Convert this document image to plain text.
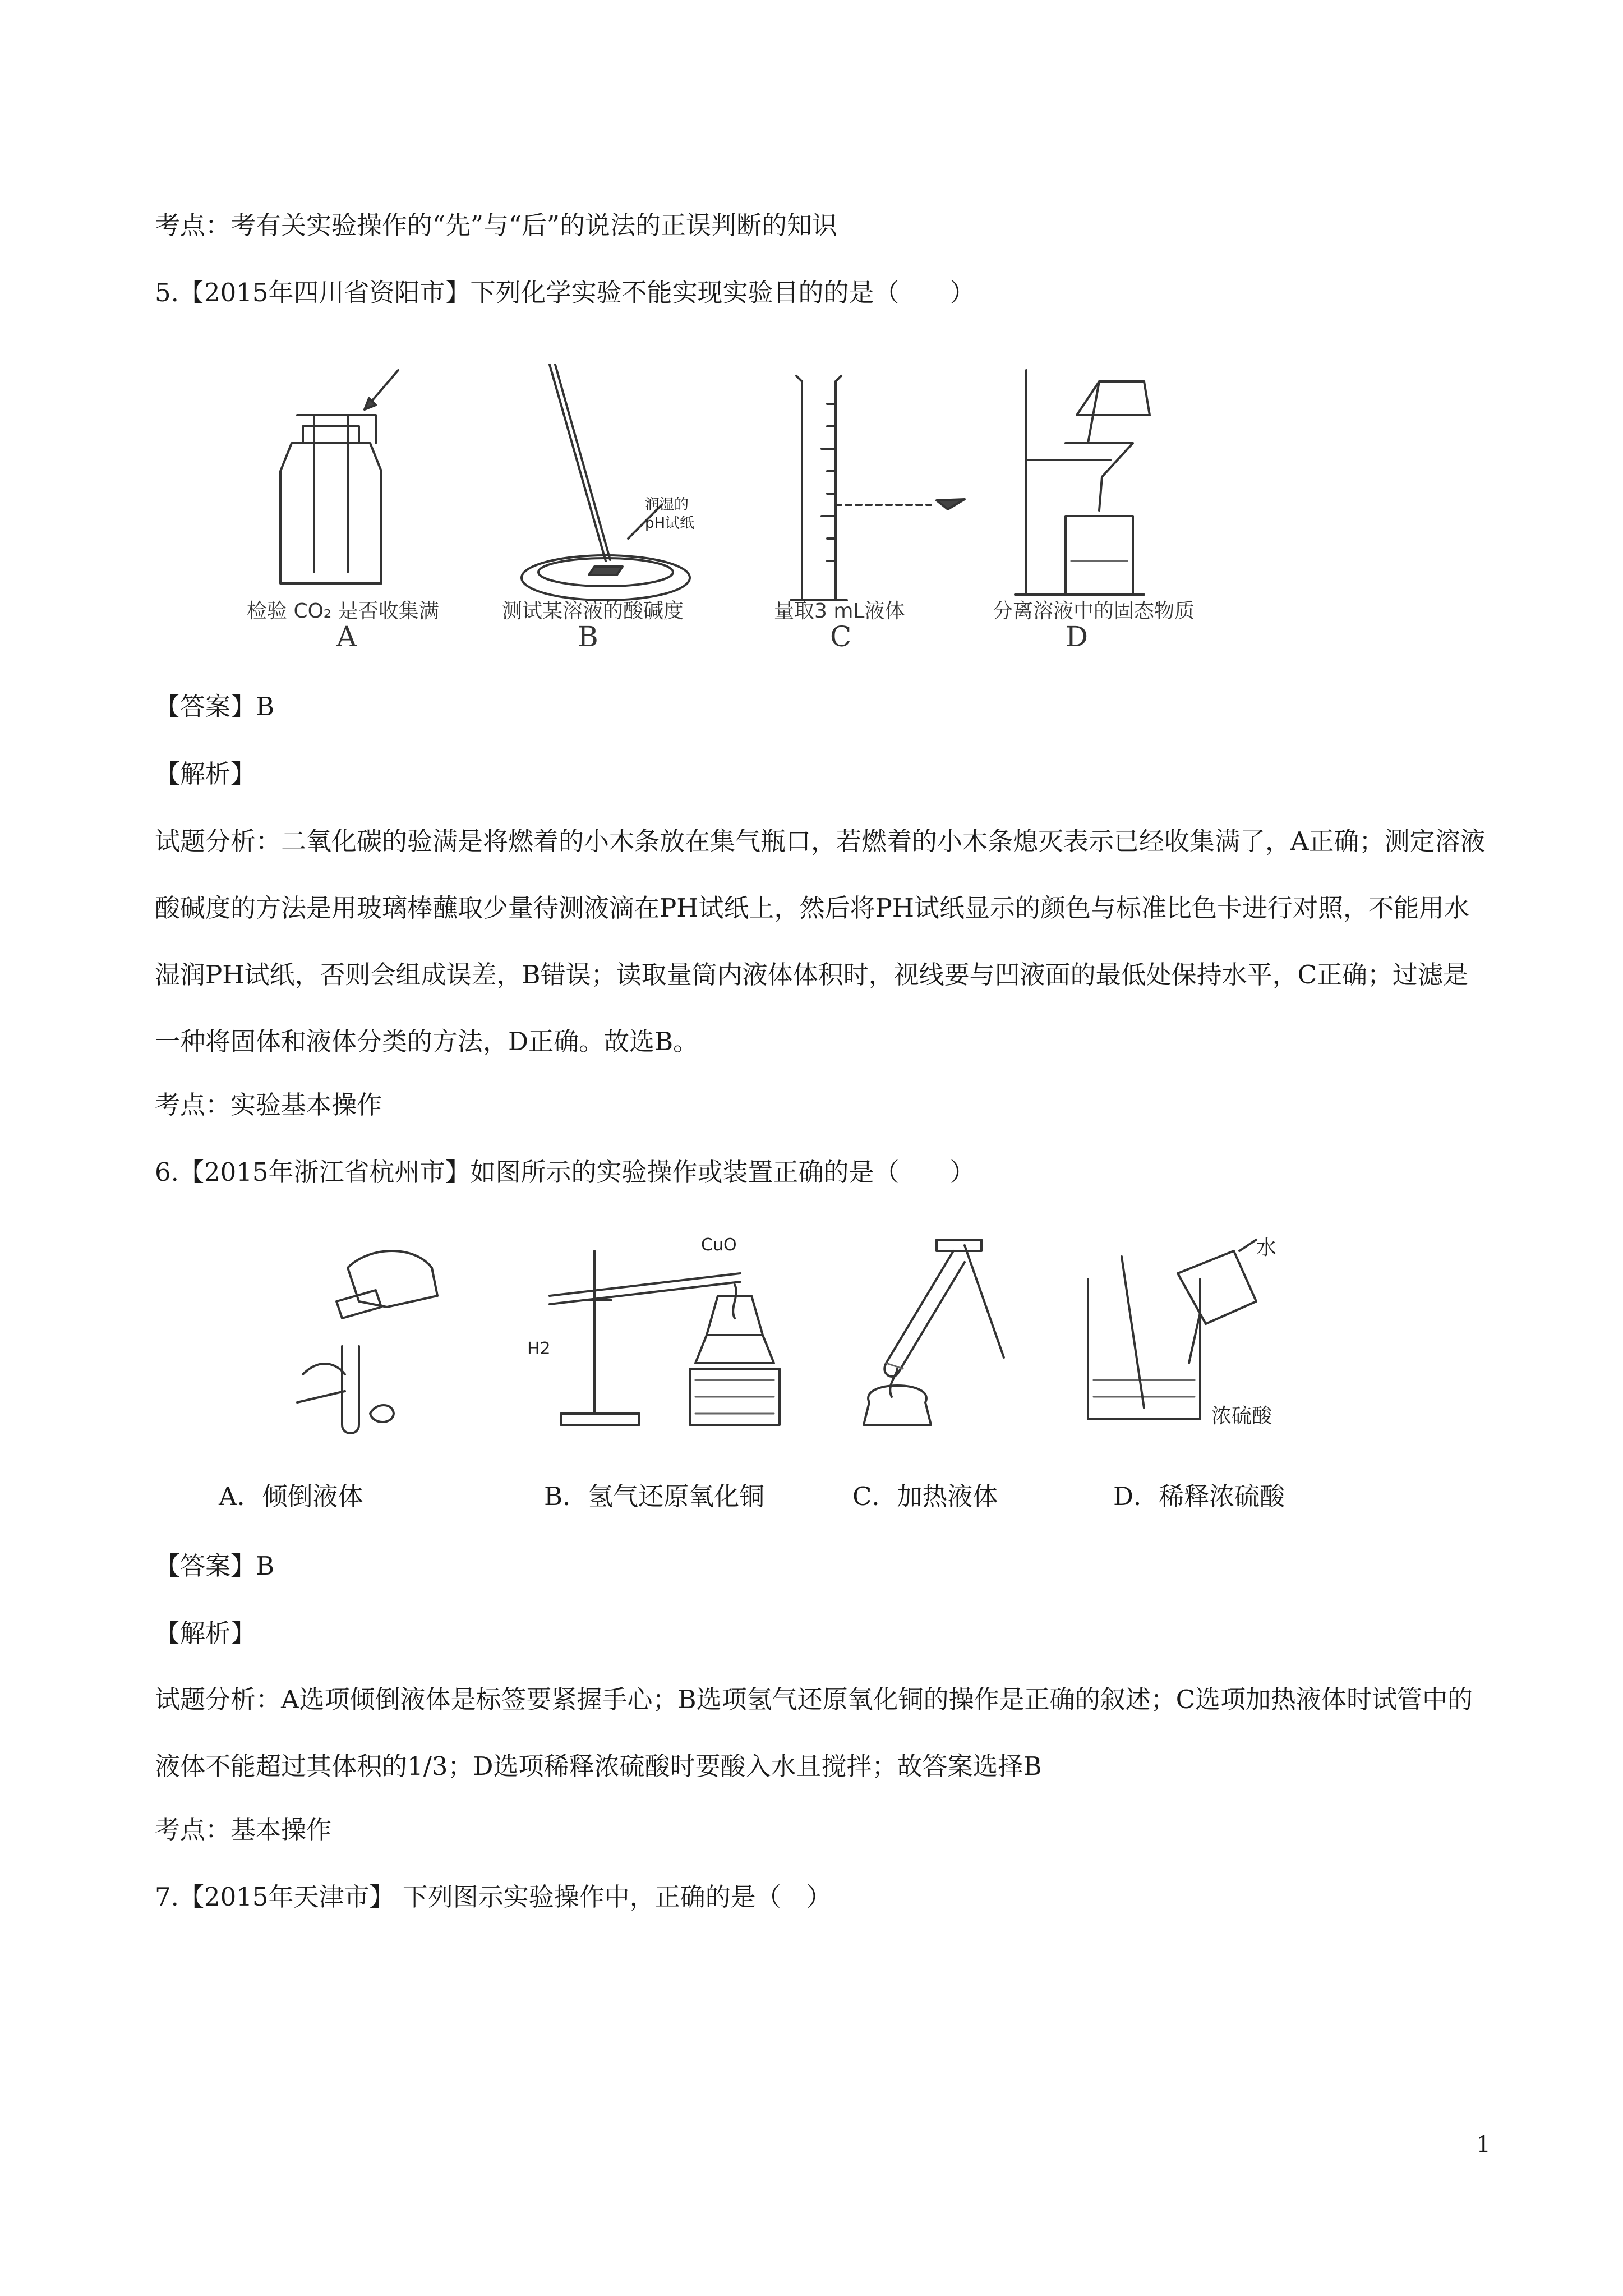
考点：考有关实验操作的“先”与“后”的说法的正误判断的知识
5.【2015年四川省资阳市】下列化学实验不能实现实验目的的是（　　）
润湿的
pH试纸
检验 CO₂ 是否收集满	测试某溶液的酸碱度	量取3 mL液体	分离溶液中的固态物质
A	B	C	D
【答案】B
【解析】
试题分析：二氧化碳的验满是将燃着的小木条放在集气瓶口，若燃着的小木条熄灭表示已经收集满了，A正确；测定溶液酸碱度的方法是用玻璃棒蘸取少量待测液滴在PH试纸上，然后将PH试纸显示的颜色与标准比色卡进行对照，不能用水湿润PH试纸，否则会组成误差，B错误；读取量筒内液体体积时，视线要与凹液面的最低处保持水平，C正确；过滤是一种将固体和液体分类的方法，D正确。故选B。
考点：实验基本操作
6.【2015年浙江省杭州市】如图所示的实验操作或装置正确的是（　　）
CuO
H2
水
浓硫酸
A．倾倒液体	B．氢气还原氧化铜	C．加热液体	D．稀释浓硫酸
【答案】B
【解析】
试题分析：A选项倾倒液体是标签要紧握手心；B选项氢气还原氧化铜的操作是正确的叙述；C选项加热液体时试管中的液体不能超过其体积的1/3；D选项稀释浓硫酸时要酸入水且搅拌；故答案选择B
考点：基本操作
7.【2015年天津市】 下列图示实验操作中，正确的是（　）
1
